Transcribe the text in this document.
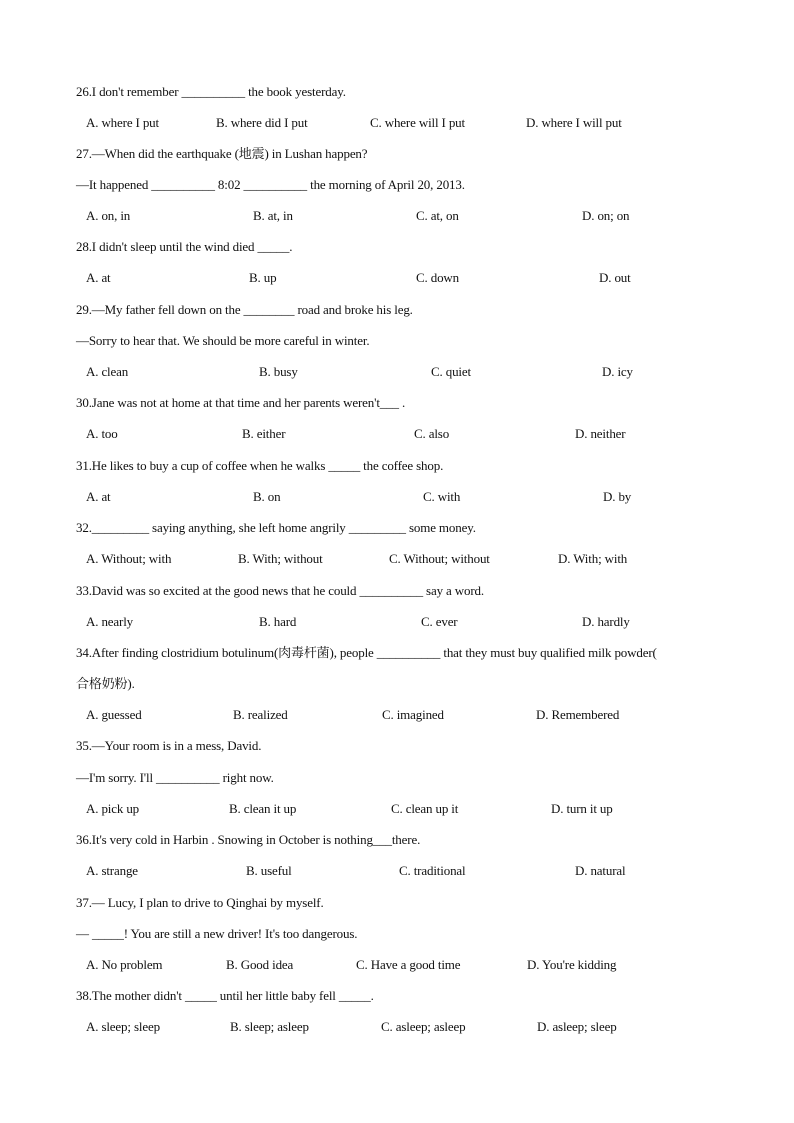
26.I don't remember __________ the book yesterday.
A. where I put	B. where did I put	C. where will I put	D. where I will put
27.—When did the earthquake (地震) in Lushan happen?
—It happened __________ 8:02 __________ the morning of April 20, 2013.
A. on, in	B. at, in	C. at, on	D. on; on
28.I didn't sleep until the wind died _____.
A. at	B. up	C. down	D. out
29.—My father fell down on the ________ road and broke his leg.
—Sorry to hear that. We should be more careful in winter.
A. clean	B. busy	C. quiet	D. icy
30.Jane was not at home at that time and her parents weren't___ .
A. too	B. either	C. also	D. neither
31.He likes to buy a cup of coffee when he walks _____ the coffee shop.
A. at	B. on	C. with	D. by
32._________ saying anything, she left home angrily _________ some money.
A. Without; with	B. With; without	C. Without; without	D. With; with
33.David was so excited at the good news that he could __________ say a word.
A. nearly	B. hard	C. ever	D. hardly
34.After finding clostridium botulinum(肉毒杆菌), people __________ that they must buy qualified milk powder(
合格奶粉).
A. guessed	B. realized	C. imagined	D. Remembered
35.—Your room is in a mess, David.
—I'm sorry. I'll __________ right now.
A. pick up	B. clean it up	C. clean up it	D. turn it up
36.It's very cold in Harbin . Snowing in October is nothing___there.
A. strange	B. useful	C. traditional	D. natural
37.— Lucy, I plan to drive to Qinghai by myself.
— _____! You are still a new driver! It's too dangerous.
A. No problem	B. Good idea	C. Have a good time	D. You're kidding
38.The mother didn't _____ until her little baby fell _____.
A. sleep; sleep	B. sleep; asleep	C. asleep; asleep	D. asleep; sleep
